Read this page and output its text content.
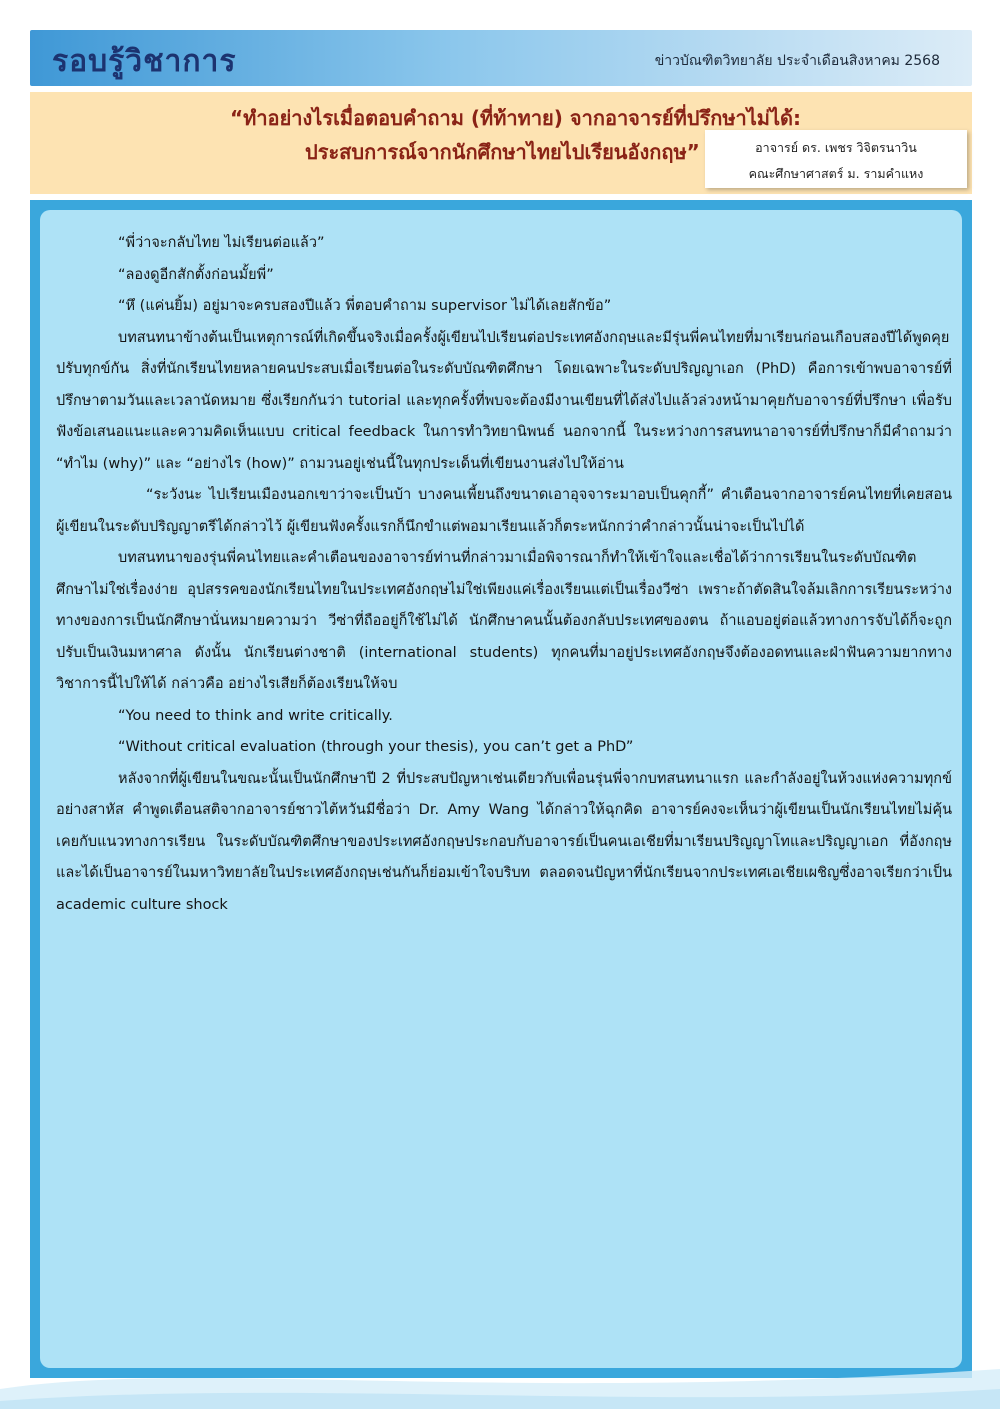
รอบรู้วิชาการ	ข่าวบัณฑิตวิทยาลัย ประจำเดือนสิงหาคม 2568
“ทำอย่างไรเมื่อตอบคำถาม (ที่ท้าทาย) จากอาจารย์ที่ปรึกษาไม่ได้:
ประสบการณ์จากนักศึกษาไทยไปเรียนอังกฤษ”	อาจารย์ ดร. เพชร วิจิตรนาวิน
คณะศึกษาศาสตร์ ม. รามคำแหง

“พี่ว่าจะกลับไทย ไม่เรียนต่อแล้ว”

“ลองดูอีกสักตั้งก่อนมั้ยพี่”

“หึ (แค่นยิ้ม) อยู่มาจะครบสองปีแล้ว พี่ตอบคำถาม supervisor ไม่ได้เลยสักข้อ”

บทสนทนาข้างต้นเป็นเหตุการณ์ที่เกิดขึ้นจริงเมื่อครั้งผู้เขียนไปเรียนต่อประเทศอังกฤษและมีรุ่นพี่คนไทยที่มาเรียนก่อนเกือบสองปีได้พูดคุยปรับทุกข์กัน สิ่งที่นักเรียนไทยหลายคนประสบเมื่อเรียนต่อในระดับบัณฑิตศึกษา โดยเฉพาะในระดับปริญญาเอก (PhD) คือการเข้าพบอาจารย์ที่ปรึกษาตามวันและเวลานัดหมาย ซึ่งเรียกกันว่า tutorial และทุกครั้งที่พบจะต้องมีงานเขียนที่ได้ส่งไปแล้วล่วงหน้ามาคุยกับอาจารย์ที่ปรึกษา เพื่อรับฟังข้อเสนอแนะและความคิดเห็นแบบ critical feedback ในการทำวิทยานิพนธ์ นอกจากนี้ ในระหว่างการสนทนาอาจารย์ที่ปรึกษาก็มีคำถามว่า “ทำไม (why)” และ “อย่างไร (how)” ถามวนอยู่เช่นนี้ในทุกประเด็นที่เขียนงานส่งไปให้อ่าน

“ระวังนะ ไปเรียนเมืองนอกเขาว่าจะเป็นบ้า บางคนเพี้ยนถึงขนาดเอาอุจจาระมาอบเป็นคุกกี้” คำเตือนจากอาจารย์คนไทยที่เคยสอนผู้เขียนในระดับปริญญาตรีได้กล่าวไว้ ผู้เขียนฟังครั้งแรกก็นึกขำแต่พอมาเรียนแล้วก็ตระหนักกว่าคำกล่าวนั้นน่าจะเป็นไปได้

บทสนทนาของรุ่นพี่คนไทยและคำเตือนของอาจารย์ท่านที่กล่าวมาเมื่อพิจารณาก็ทำให้เข้าใจและเชื่อได้ว่าการเรียนในระดับบัณฑิตศึกษาไม่ใช่เรื่องง่าย อุปสรรคของนักเรียนไทยในประเทศอังกฤษไม่ใช่เพียงแค่เรื่องเรียนแต่เป็นเรื่องวีซ่า เพราะถ้าตัดสินใจล้มเลิกการเรียนระหว่างทางของการเป็นนักศึกษานั่นหมายความว่า วีซ่าที่ถืออยู่ก็ใช้ไม่ได้ นักศึกษาคนนั้นต้องกลับประเทศของตน ถ้าแอบอยู่ต่อแล้วทางการจับได้ก็จะถูกปรับเป็นเงินมหาศาล ดังนั้น นักเรียนต่างชาติ (international students) ทุกคนที่มาอยู่ประเทศอังกฤษจึงต้องอดทนและฝ่าฟันความยากทางวิชาการนี้ไปให้ได้ กล่าวคือ อย่างไรเสียก็ต้องเรียนให้จบ

“You need to think and write critically.

“Without critical evaluation (through your thesis), you can’t get a PhD”

หลังจากที่ผู้เขียนในขณะนั้นเป็นนักศึกษาปี 2 ที่ประสบปัญหาเช่นเดียวกับเพื่อนรุ่นพี่จากบทสนทนาแรก และกำลังอยู่ในห้วงแห่งความทุกข์อย่างสาหัส คำพูดเตือนสติจากอาจารย์ชาวไต้หวันมีชื่อว่า Dr. Amy Wang ได้กล่าวให้ฉุกคิด อาจารย์คงจะเห็นว่าผู้เขียนเป็นนักเรียนไทยไม่คุ้นเคยกับแนวทางการเรียน ในระดับบัณฑิตศึกษาของประเทศอังกฤษประกอบกับอาจารย์เป็นคนเอเชียที่มาเรียนปริญญาโทและปริญญาเอก ที่อังกฤษและได้เป็นอาจารย์ในมหาวิทยาลัยในประเทศอังกฤษเช่นกันก็ย่อมเข้าใจบริบท ตลอดจนปัญหาที่นักเรียนจากประเทศเอเชียเผชิญซึ่งอาจเรียกว่าเป็น academic culture shock
